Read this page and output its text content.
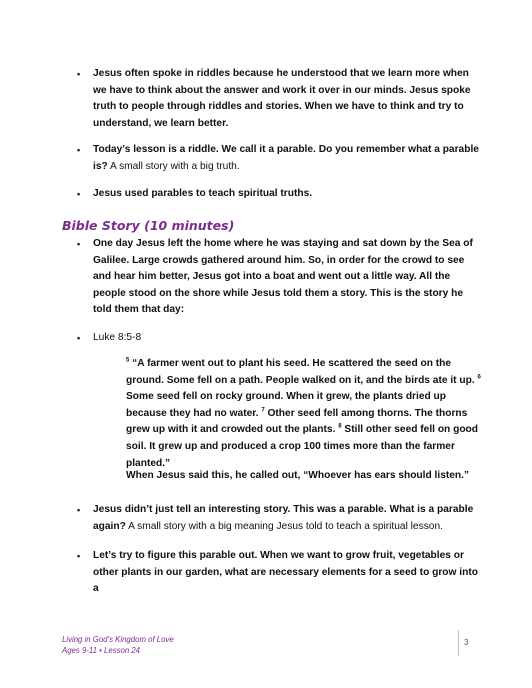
• Jesus often spoke in riddles because he understood that we learn more when we have to think about the answer and work it over in our minds. Jesus spoke truth to people through riddles and stories. When we have to think and try to understand, we learn better.
• Today’s lesson is a riddle. We call it a parable. Do you remember what a parable is? A small story with a big truth.
• Jesus used parables to teach spiritual truths.
Bible Story (10 minutes)
• One day Jesus left the home where he was staying and sat down by the Sea of Galilee. Large crowds gathered around him. So, in order for the crowd to see and hear him better, Jesus got into a boat and went out a little way. All the people stood on the shore while Jesus told them a story. This is the story he told them that day:
• Luke 8:5-8
$^5$ “A farmer went out to plant his seed. He scattered the seed on the ground. Some fell on a path. People walked on it, and the birds ate it up. $^6$ Some seed fell on rocky ground. When it grew, the plants dried up because they had no water. $^7$ Other seed fell among thorns. The thorns grew up with it and crowded out the plants. $^8$ Still other seed fell on good soil. It grew up and produced a crop 100 times more than the farmer planted.”
When Jesus said this, he called out, “Whoever has ears should listen.”
• Jesus didn’t just tell an interesting story. This was a parable. What is a parable again? A small story with a big meaning Jesus told to teach a spiritual lesson.
• Let’s try to figure this parable out. When we want to grow fruit, vegetables or other plants in our garden, what are necessary elements for a seed to grow into a
Living in God’s Kingdom of Love
Ages 9-11 • Lesson 24
3
